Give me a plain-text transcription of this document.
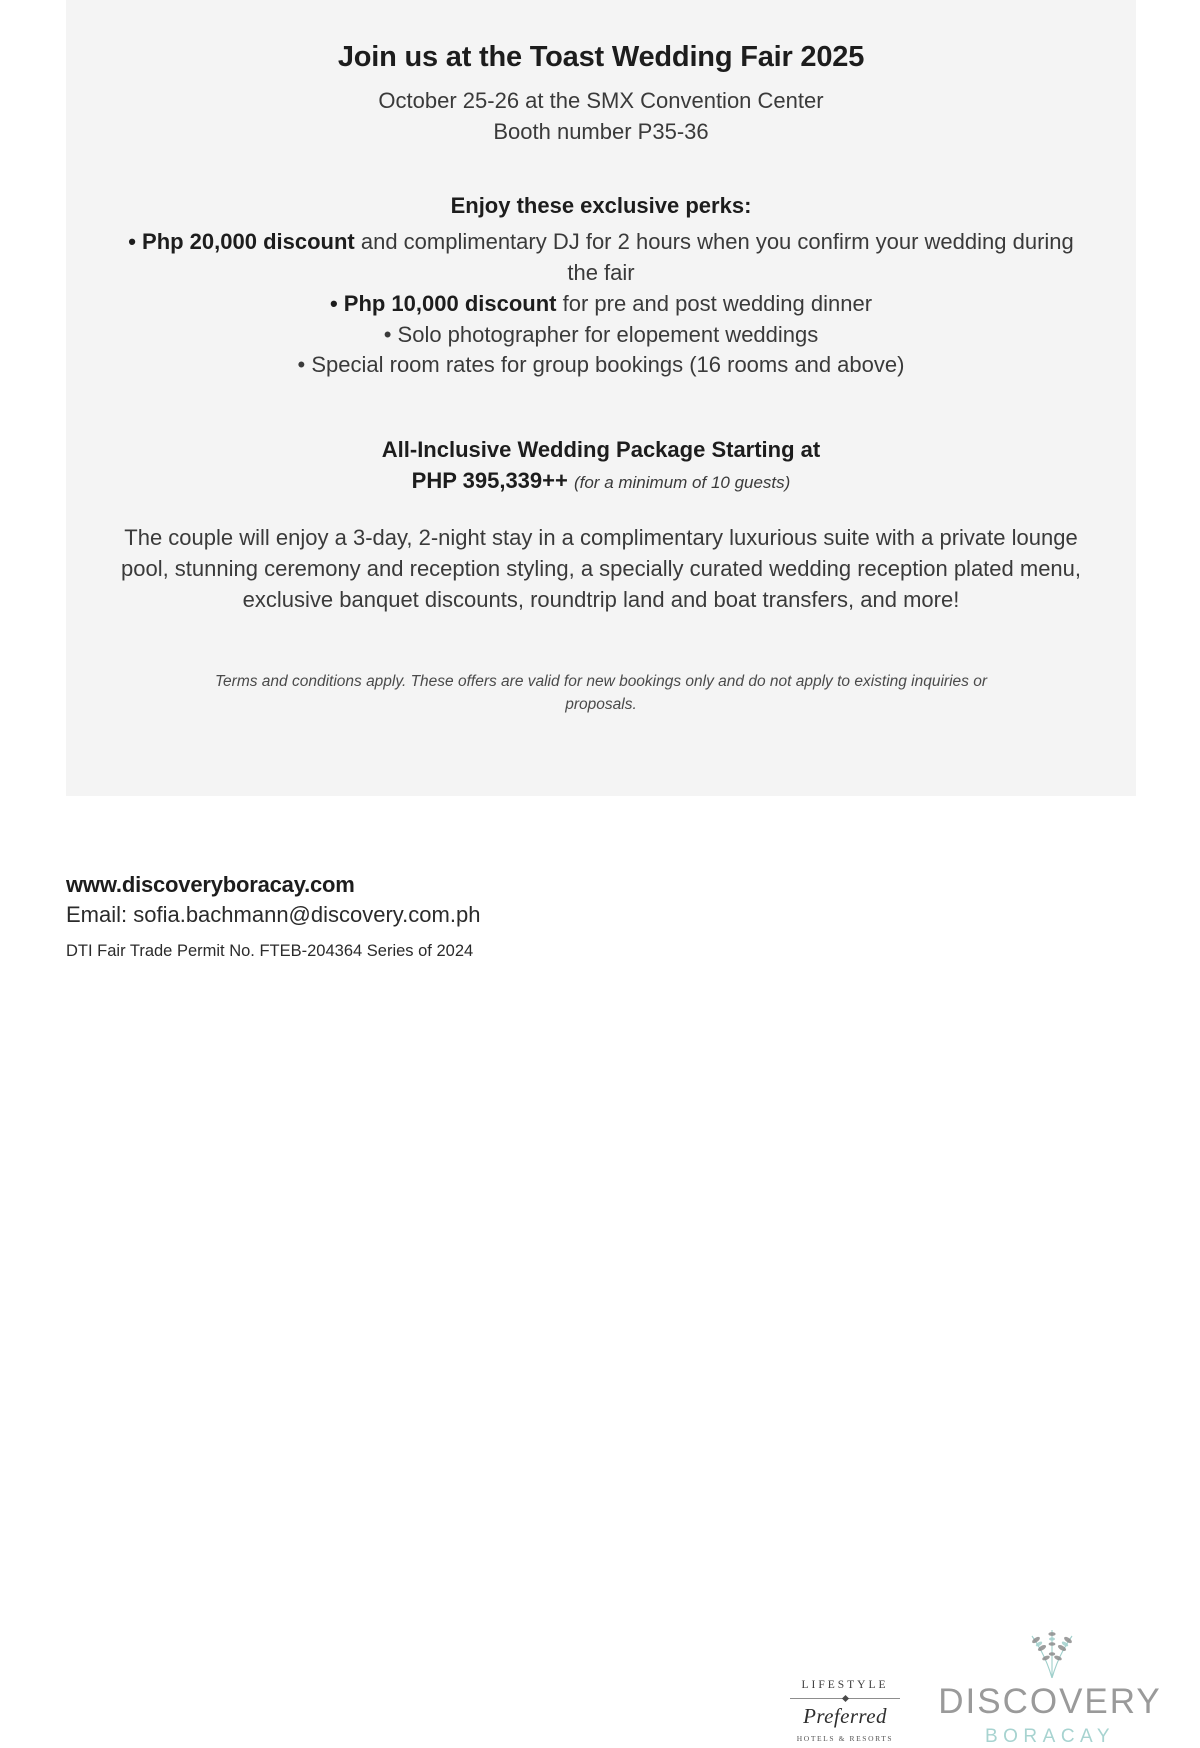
Join us at the Toast Wedding Fair 2025

October 25-26 at the SMX Convention Center

Booth number P35-36

Enjoy these exclusive perks:

• Php 20,000 discount and complimentary DJ for 2 hours when you confirm your wedding during the fair

• Php 10,000 discount for pre and post wedding dinner

• Solo photographer for elopement weddings

• Special room rates for group bookings (16 rooms and above)

All-Inclusive Wedding Package Starting at

PHP 395,339++ (for a minimum of 10 guests)

The couple will enjoy a 3-day, 2-night stay in a complimentary luxurious suite with a private lounge pool, stunning ceremony and reception styling, a specially curated wedding reception plated menu, exclusive banquet discounts, roundtrip land and boat transfers, and more!

Terms and conditions apply. These offers are valid for new bookings only and do not apply to existing inquiries or proposals.

www.discoveryboracay.com

Email: sofia.bachmann@discovery.com.ph

DTI Fair Trade Permit No. FTEB-204364 Series of 2024

LIFESTYLE
Preferred
HOTELS & RESORTS
DISCOVERY
BORACAY
